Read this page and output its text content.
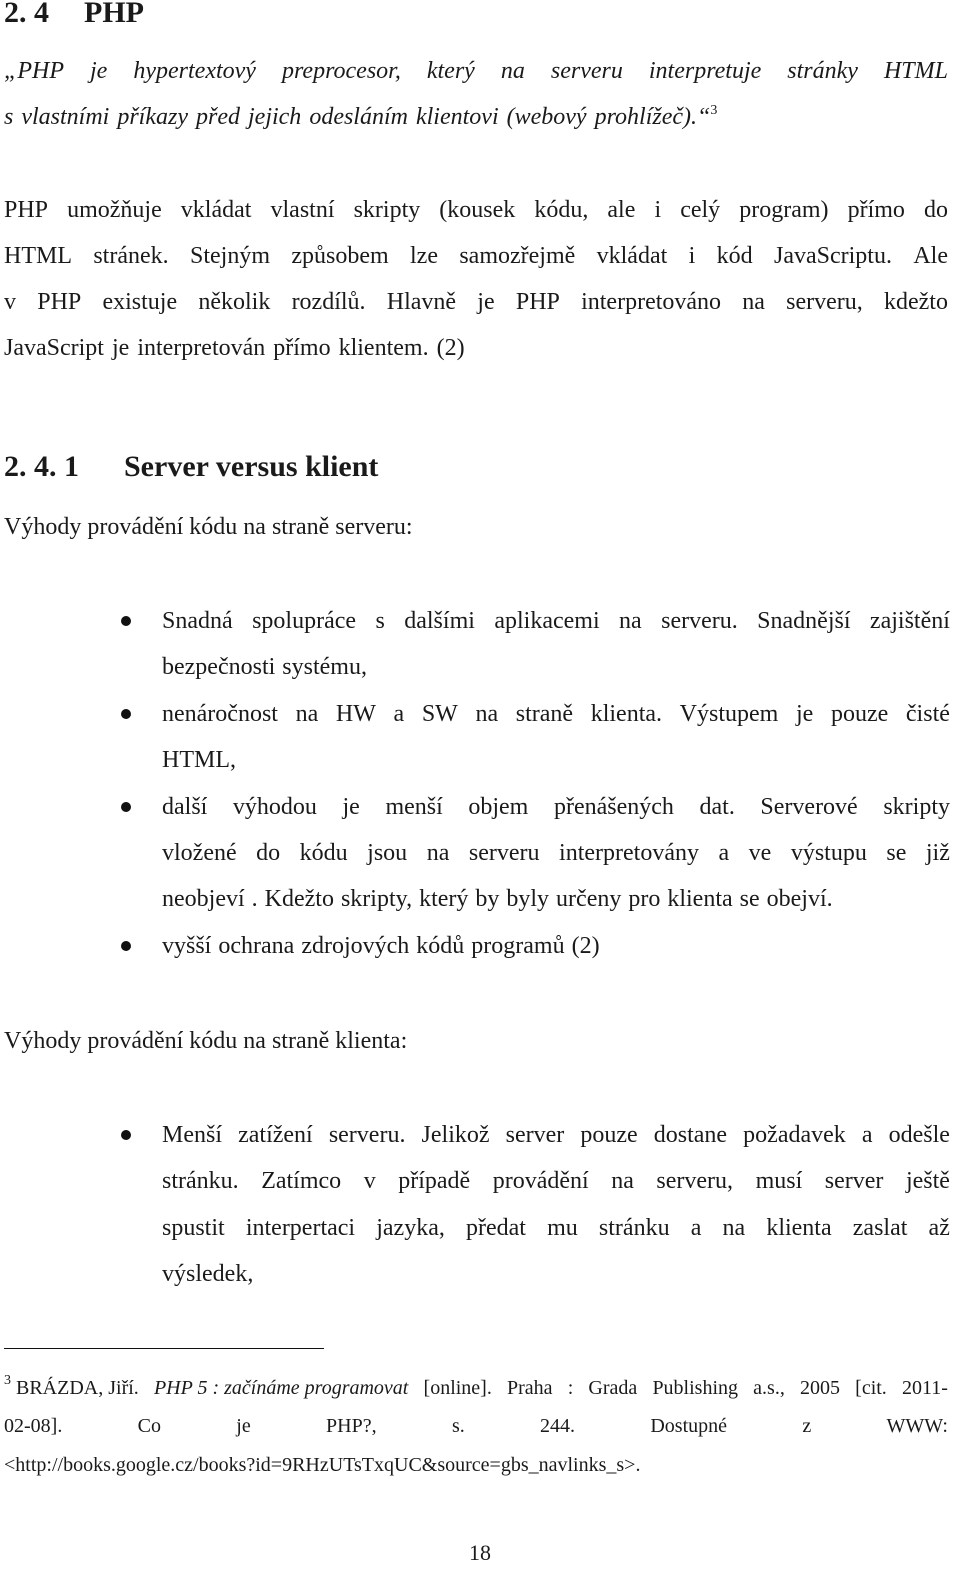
2. 4 PHP
„PHP je hypertextový preprocesor, který na serveru interpretuje stránky HTML
s vlastními příkazy před jejich odesláním klientovi (webový prohlížeč).“$^3$
PHP umožňuje vkládat vlastní skripty (kousek kódu, ale i celý program) přímo do
HTML stránek. Stejným způsobem lze samozřejmě vkládat i kód JavaScriptu. Ale
v PHP existuje několik rozdílů. Hlavně je PHP interpretováno na serveru, kdežto
JavaScript je interpretován přímo klientem. (2)
2. 4. 1 Server versus klient
Výhody provádění kódu na straně serveru:
Snadná spolupráce s dalšími aplikacemi na serveru. Snadnější zajištění
bezpečnosti systému,
nenáročnost na HW a SW na straně klienta. Výstupem je pouze čisté
HTML,
další výhodou je menší objem přenášených dat. Serverové skripty
vložené do kódu jsou na serveru interpretovány a ve výstupu se již
neobjeví . Kdežto skripty, který by byly určeny pro klienta se obejví.
vyšší ochrana zdrojových kódů programů (2)
Výhody provádění kódu na straně klienta:
Menší zatížení serveru. Jelikož server pouze dostane požadavek a odešle
stránku. Zatímco v případě provádění na serveru, musí server ještě
spustit interpertaci jazyka, předat mu stránku a na klienta zaslat až
výsledek,
$^3$ BRÁZDA, Jiří. PHP 5 : začínáme programovat [online]. Praha : Grada Publishing a.s., 2005 [cit. 2011-
02-08].	Co	je	PHP?,	s.	244.	Dostupné	z	WWW:
<http://books.google.cz/books?id=9RHzUTsTxqUC&source=gbs_navlinks_s>.
18
